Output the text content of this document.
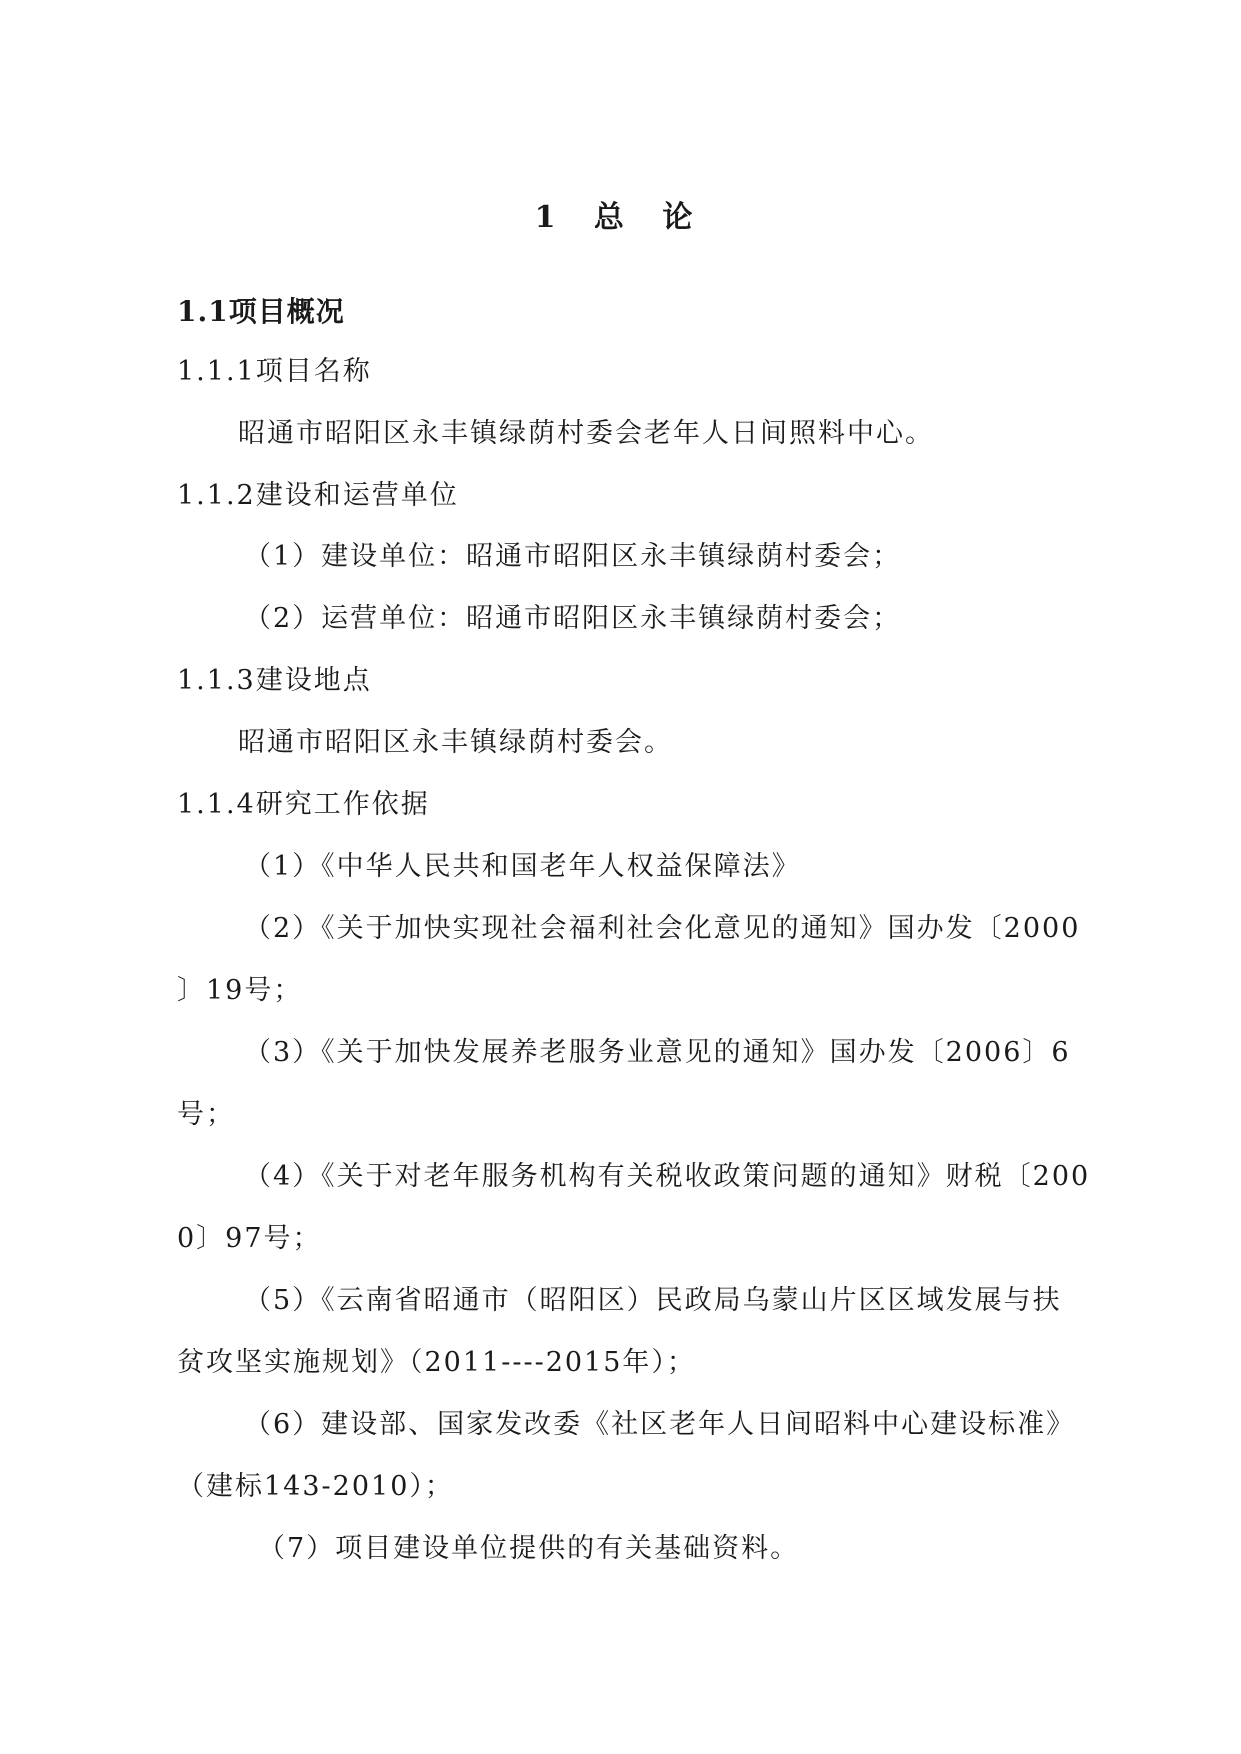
1 总 论
1.1项目概况
1.1.1项目名称
昭通市昭阳区永丰镇绿荫村委会老年人日间照料中心。
1.1.2建设和运营单位
（1）建设单位：昭通市昭阳区永丰镇绿荫村委会；
（2）运营单位：昭通市昭阳区永丰镇绿荫村委会；
1.1.3建设地点
昭通市昭阳区永丰镇绿荫村委会。
1.1.4研究工作依据
（1）《中华人民共和国老年人权益保障法》
（2）《关于加快实现社会福利社会化意见的通知》国办发〔2000
〕19号；
（3）《关于加快发展养老服务业意见的通知》国办发〔2006〕6
号；
（4）《关于对老年服务机构有关税收政策问题的通知》财税〔200
0〕97号；
（5）《云南省昭通市（昭阳区）民政局乌蒙山片区区域发展与扶
贫攻坚实施规划》（2011----2015年）；
（6）建设部、国家发改委《社区老年人日间昭料中心建设标准》
（建标143-2010）；
（7）项目建设单位提供的有关基础资料。
